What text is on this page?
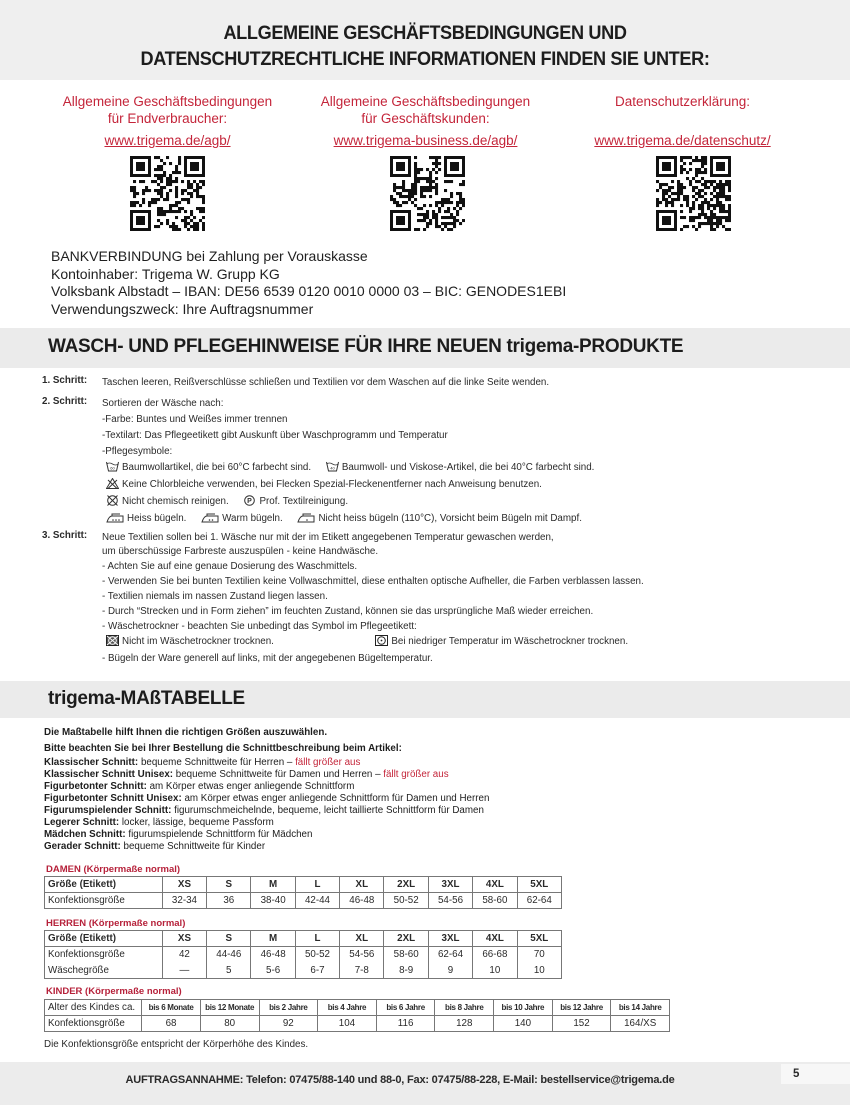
ALLGEMEINE GESCHÄFTSBEDINGUNGEN UND
DATENSCHUTZRECHTLICHE INFORMATIONEN FINDEN SIE UNTER:
Allgemeine Geschäftsbedingungen
für Endverbraucher:
www.trigema.de/agb/
Allgemeine Geschäftsbedingungen
für Geschäftskunden:
www.trigema-business.de/agb/
Datenschutzerklärung:
www.trigema.de/datenschutz/
BANKVERBINDUNG bei Zahlung per Vorauskasse
Kontoinhaber: Trigema W. Grupp KG
Volksbank Albstadt – IBAN: DE56 6539 0120 0010 0000 03 – BIC: GENODES1EBI
Verwendungszweck: Ihre Auftragsnummer
WASCH- UND PFLEGEHINWEISE FÜR IHRE NEUEN trigema-PRODUKTE
1. Schritt: Taschen leeren, Reißverschlüsse schließen und Textilien vor dem Waschen auf die linke Seite wenden.
2. Schritt: Sortieren der Wäsche nach:
-Farbe: Buntes und Weißes immer trennen
-Textilart: Das Pflegeetikett gibt Auskunft über Waschprogramm und Temperatur
-Pflegesymbole:
60 Baumwollartikel, die bei 60°C farbecht sind.	40 Baumwoll- und Viskose-Artikel, die bei 40°C farbecht sind.
Keine Chlorbleiche verwenden, bei Flecken Spezial-Fleckenentferner nach Anweisung benutzen.
Nicht chemisch reinigen.	P Prof. Textilreinigung.
Heiss bügeln.	Warm bügeln.	Nicht heiss bügeln (110°C), Vorsicht beim Bügeln mit Dampf.
3. Schritt: Neue Textilien sollen bei 1. Wäsche nur mit der im Etikett angegebenen Temperatur gewaschen werden,
um überschüssige Farbreste auszuspülen - keine Handwäsche.
- Achten Sie auf eine genaue Dosierung des Waschmittels.
- Verwenden Sie bei bunten Textilien keine Vollwaschmittel, diese enthalten optische Aufheller, die Farben verblassen lassen.
- Textilien niemals im nassen Zustand liegen lassen.
- Durch “Strecken und in Form ziehen” im feuchten Zustand, können sie das ursprüngliche Maß wieder erreichen.
- Wäschetrockner - beachten Sie unbedingt das Symbol im Pflegeetikett:
Nicht im Wäschetrockner trocknen.	Bei niedriger Temperatur im Wäschetrockner trocknen.
- Bügeln der Ware generell auf links, mit der angegebenen Bügeltemperatur.
trigema-MAßTABELLE
Die Maßtabelle hilft Ihnen die richtigen Größen auszuwählen.
Bitte beachten Sie bei Ihrer Bestellung die Schnittbeschreibung beim Artikel:
Klassischer Schnitt: bequeme Schnittweite für Herren – fällt größer aus
Klassischer Schnitt Unisex: bequeme Schnittweite für Damen und Herren – fällt größer aus
Figurbetonter Schnitt: am Körper etwas enger anliegende Schnittform
Figurbetonter Schnitt Unisex: am Körper etwas enger anliegende Schnittform für Damen und Herren
Figurumspielender Schnitt: figurumschmeichelnde, bequeme, leicht taillierte Schnittform für Damen
Legerer Schnitt: locker, lässige, bequeme Passform
Mädchen Schnitt: figurumspielende Schnittform für Mädchen
Gerader Schnitt: bequeme Schnittweite für Kinder
DAMEN (Körpermaße normal)
Größe (Etikett)	XS	S	M	L	XL	2XL	3XL	4XL	5XL
Konfektionsgröße	32-34	36	38-40	42-44	46-48	50-52	54-56	58-60	62-64
HERREN (Körpermaße normal)
Größe (Etikett)	XS	S	M	L	XL	2XL	3XL	4XL	5XL
Konfektionsgröße	42	44-46	46-48	50-52	54-56	58-60	62-64	66-68	70
Wäschegröße	—	5	5-6	6-7	7-8	8-9	9	10	10
KINDER (Körpermaße normal)
Alter des Kindes ca.	bis 6 Monate	bis 12 Monate	bis 2 Jahre	bis 4 Jahre	bis 6 Jahre	bis 8 Jahre	bis 10 Jahre	bis 12 Jahre	bis 14 Jahre
Konfektionsgröße	68	80	92	104	116	128	140	152	164/XS
Die Konfektionsgröße entspricht der Körperhöhe des Kindes.
AUFTRAGSANNAHME: Telefon: 07475/88-140 und 88-0, Fax: 07475/88-228, E-Mail: bestellservice@trigema.de	5
